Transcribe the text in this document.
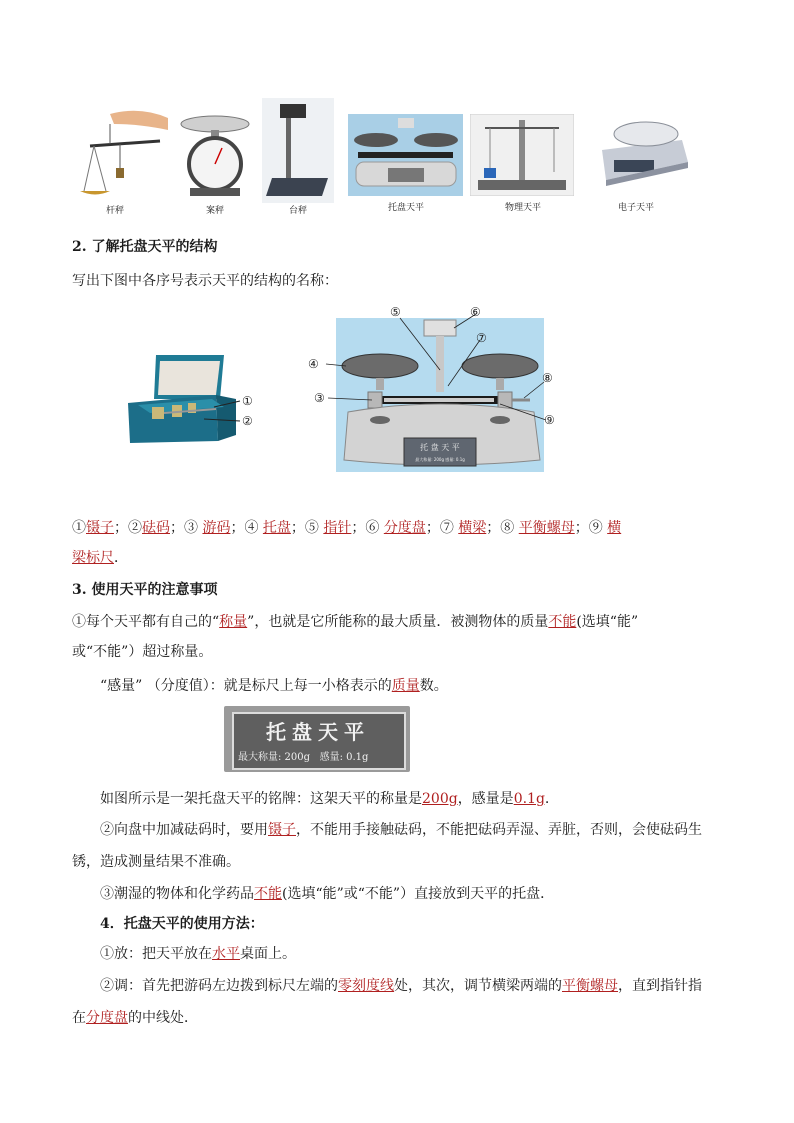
杆秤	案秤	台秤	托盘天平	物理天平	电子天平
2. 了解托盘天平的结构
写出下图中各序号表示天平的结构的名称：
①
②
托 盘 天 平
最大称量: 200g 感量: 0.1g
⑤	⑥
⑦
④
③
⑧
⑨
①镊子；②砝码；③ 游码；④ 托盘；⑤ 指针；⑥ 分度盘；⑦ 横梁；⑧ 平衡螺母；⑨ 横
梁标尺．
3. 使用天平的注意事项
①每个天平都有自己的“称量”，也就是它所能称的最大质量．被测物体的质量不能(选填“能”
或“不能”）超过称量。
“感量” （分度值）：就是标尺上每一小格表示的质量数。
托盘天平
最大称量: 200g   感量: 0.1g
如图所示是一架托盘天平的铭牌：这架天平的称量是200g，感量是0.1g.
②向盘中加减砝码时，要用镊子，不能用手接触砝码，不能把砝码弄湿、弄脏，否则，会使砝码生
锈，造成测量结果不准确。
③潮湿的物体和化学药品不能(选填“能”或“不能”）直接放到天平的托盘．
4．托盘天平的使用方法：
①放：把天平放在水平桌面上。
②调：首先把游码左边拨到标尺左端的零刻度线处，其次，调节横梁两端的平衡螺母，直到指针指
在分度盘的中线处．
